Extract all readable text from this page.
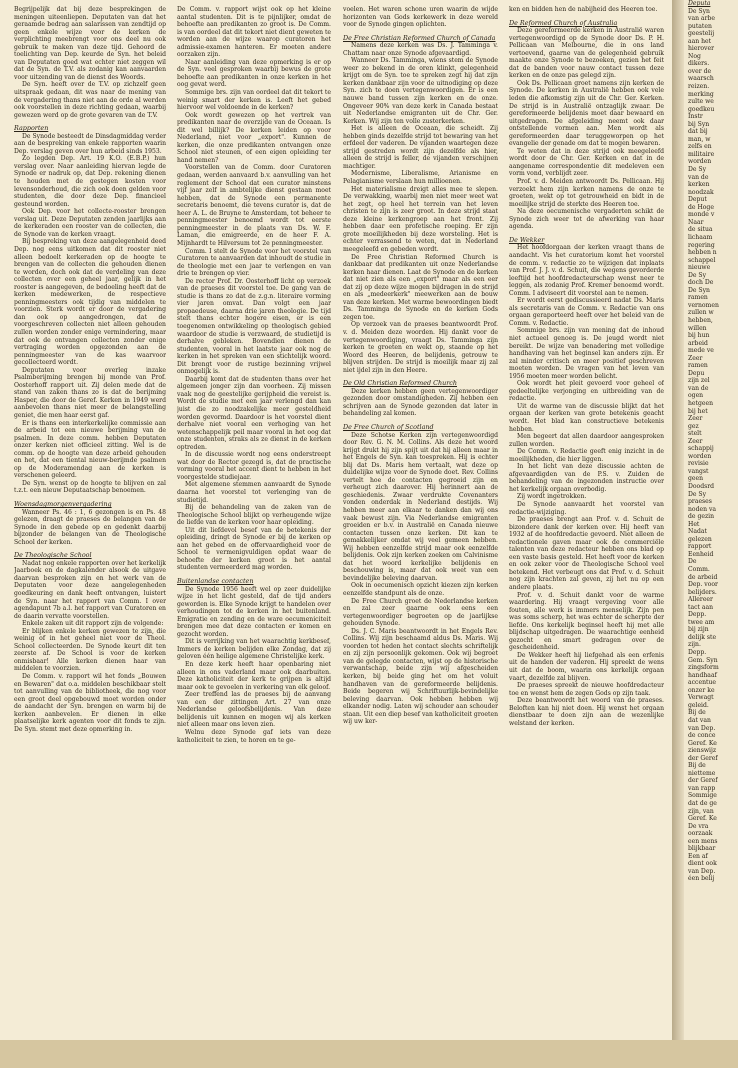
Begrijpelijk dat bij deze besprekingen de meningen uiteenliepen. Deputaten van dat het geraamde bedrag aan salarissen van zendtijd op geen enkele wijze voor de kerken de verplichting meebrengt voor ons deel nu ook gebruik te maken van deze tijd. Gehoord de toelichting van Dep. keurde de Syn. het beleid van Deputaten goed wat echter niet zeggen wil dat de Syn. de T.V. als zodanig kan aanvaarden voor uitzending van de dienst des Woords.

De Syn. heeft over de T.V. op zichzelf geen uitspraak gedaan, dit was naar de mening van de vergadering thans niet aan de orde al werden ook voorstellen in deze richting gedaan, waarbij gewezen werd op de grote gevaren van de T.V.

Rapporten

De Synode besteedt de Dinsdagmiddag verder aan de bespreking van enkele rapporten waarin Dep. verslag geven over hun arbeid sinds 1953.

Zo legden Dep. Art. 19 K.O. (E.B.P.) hun verslag over. Naar aanleiding hiervan legde de Synode er nadruk op, dat Dep. rekening dienen te houden met de gestegen kosten voor levensonderhoud, die zich ook doen gelden voor studenten, die door deze Dep. financieel gesteund worden.

Ook Dep. voor het collecte-rooster brengen verslag uit. Deze Deputaten zenden jaarlijks aan de kerkeraden een rooster van de collecten, die de Synode van de kerken vraagt.

Bij bespreking van deze aangelegenheid deed Dep. nog eens uitkomen dat dit rooster niet alleen bedoelt kerkeraden op de hoogte te brengen van de collecten die gehouden dienen te worden, doch ook dat de verdeling van deze collecten over een geheel jaar, gelijk in het rooster is aangegeven, de bedoeling heeft dat de kerken medewerken, de respectieve penningmeesters ook tijdig van middelen te voorzien. Sterk wordt er door de vergadering dan ook op aangedrongen, dat de voorgeschreven collecten niet alleen gehouden zullen worden zonder enige vermindering, maar dat ook de ontvangen collecten zonder enige vertraging worden opgezonden aan de penningmeester van de kas waarvoor gecollecteerd wordt.

Deputaten voor overleg inzake Psalmberijming brengen bij monde van Prof. Oosterhoff rapport uit. Zij delen mede dat de stand van zaken thans zo is dat de berijming Hasper, die door de Geref. Kerken in 1949 werd aanbevolen thans niet meer de belangstelling geniet, die men haar eerst gaf.

Er is thans een interkerkelijke commissie aan de arbeid tot een nieuwe berijming van de psalmen. In deze comm. hebben Deputaten onzer kerken niet officieel zitting. Wel is de comm. op de hoogte van deze arbeid gehouden en het, dat een tiental nieuw-berijmde psalmen op de Moderamendag aan de kerken is verschenen geleerd.

De Syn. wenst op de hoogte te blijven en zal t.z.t. een nieuw Deputaatschap benoemen.

Woensdagmorgenvergadering

Wanneer Ps. 46 : 1, 6 gezongen is en Ps. 48 gelezen, draagt de praeses de belangen van de Synode in den gebede op en gedenkt daarbij bijzonder de belangen van de Theologische School der kerken.

De Theologische School

Nadat nog enkele rapporten over het kerkelijk Jaarboek en de dagkalender alsook de uitgave daarvan besproken zijn en het werk van de Deputaten voor deze aangelegenheden goedkeuring en dank heeft ontvangen, luistert de Syn. naar het rapport van Comm. I over agendapunt 7b a.l. het rapport van Curatoren en de daarin vervatte voorstellen.

Enkele zaken uit dit rapport zijn de volgende:

Er blijken enkele kerken gewezen te zijn, die weinig of in het geheel niet voor de Theol. School collecteerden. De Synode keurt dit ten zeerste af. De School is voor de kerken onmisbaar! Alle kerken dienen haar van middelen te voorzien.

De Comm. v. rapport wil het fonds „Bouwen en Bewaren" dat o.a. middelen beschikbaar stelt tot aanvulling van de bibliotheek, die nog voor een groot deel opgebouwd moet worden onder de aandacht der Syn. brengen en warm bij de kerken aanbevelen. Er dienen in elke plaatselijke kerk agenten voor dit fonds te zijn. De Syn. stemt met deze opmerking in.

De Comm. v. rapport wijst ook op het kleine aantal studenten. Dit is te pijnlijker, omdat de behoefte aan predikanten zo groot is. De Comm. is van oordeel dat dit tekort niet dient geweten te worden aan de wijze waarop curatoren het admissie-examen hanteren. Er moeten andere oorzaken zijn.

Naar aanleiding van deze opmerking is er op de Syn. veel gesproken waarbij bewus de grote behoefte aan predikanten in onze kerken in het oog gevat werd.

Sommige brs. zijn van oordeel dat dit tekort te weinig smart der kerken is. Leeft het gebed hiervoor wel voldoende in de kerken?

Ook wordt gewezen op het vertrek van predikanten naar de overzijde van de Oceaan. Is dit wel billijk? De kerken leiden op voor Nederland, niet voor „export". Kunnen de kerken, die onze predikanten ontvangen onze School niet steunen, of een eigen opleiding ter hand nemen?

Voorstellen van de Comm. door Curatoren gedaan, werden aanvaard b.v. aanvulling van het reglement der School dat een curator minstens vijf jaar zelf in ambtelijke dienst gestaan moet hebben, dat de Synode een permanente secretaris benoemt, die tevens curator is, dat de heer A. L. de Bruyne te Amsterdam, tot beheer te penningmeester benoemd wordt tot eerste penningmeester in de plaats van Ds. W. F. Laman, die emigreerde, en de heer F. A. Mijnhardt te Hilversum tot 2e penningmeester.

Comm. I stelt de Synode voor het voorstel van Curatoren te aanvaarden dat inhoudt de studie in de theologie met een jaar te verlengen en van drie te brengen op vier.

De rector Prof. Dr. Oosterhoff licht op verzoek van de praeses dit voorstel toe. De gang van de studie is thans zo dat de z.g.n. literaire vorming vier jaren omvat. Dan volgt een jaar propaedeuse, daarna drie jaren theologie. De tijd stelt thans echter hogere eisen, er is een toegenomen ontwikkeling op theologisch gebied waardoor de studie is verzwaard, de studietijd is derhalve gebleken. Bovendien dienen de studenten, vooral in het laatste jaar ook nog de kerken in het spreken van een stichtelijk woord. Dit brengt voor de rustige bezinning vrijwel onmogelijk is.

Daarbij komt dat de studenten thans over het algemeen jonger zijn dan voorheen. Zij missen vaak nog de geestelijke gerijpheid die vereist is. Wordt de studie met een jaar verlengd dan kan juist die zo noodzakelijke meer gesteldheid worden gevormd. Daardoor is het voorstel dient derhalve niet vooral een verhoging van het wetenschappelijk peil maar vooral in het oog dat onze studenten, straks als ze dienst in de kerken optreden.

In de discussie wordt nog eens onderstreept wat door de Rector gezegd is, dat de practische vorming vooral het accent dient te hebben in het voorgestelde studiejaar.

Met algemene stemmen aanvaardt de Synode daarna het voorstel tot verlenging van de studietijd.

Bij de behandeling van de zaken van de Theologische School blijkt op verheugende wijze de liefde van de kerken voor haar opleiding.

Uit dit liefdevol besef van de betekenis der opleiding, dringt de Synode er bij de kerken op aan het gebed en de offervaardigheid voor de School te vermenigvuldigen opdat waar de behoefte der kerken groot is het aantal studenten vermeerderd mag worden.

Buitenlandse contacten

De Synode 1956 heeft wel op zeer duidelijke wijze in het licht gesteld, dat de tijd anders geworden is. Elke Synode krijgt te handelen over verhoudingen tot de kerken in het buitenland. Emigratie en zending en de ware oecumeniciteit brengen mee dat deze contacten er komen en gezocht worden.

Dit is verrijking van het waarachtig kerkbesef, Immers de kerken belijden elke Zondag, dat zij geloven één heilige algemene Christelijke kerk.

En deze kerk heeft haar openbaring niet alleen in ons vaderland maar ook daarbuiten. Deze katholiciteit der kerk te grijpen is altijd maar ook te gevoelen in verkering van elk geloof.

Zeer treffend las de praeses bij de aanvang van een der zittingen Art. 27 van onze Nederlandse geloofsbelijdenis. Van deze belijdenis uit kunnen en mogen wij als kerken niet alleen maar ons leven zien.

Welnu deze Synode gaf iets van deze katholiciteit te zien, te horen en te ge-

voelen. Het waren schone uren waarin de wijde horizonten van Gods kerkewerk in deze wereld voor de Synode gingen oplichten.

De Free Christian Reformed Church of Canada

Namens deze kerken was Ds. J. Tamminga v. Chattam naar onze Synode afgevaardigd.

Wanneer Ds. Tamminga, wiens stem de Synode weer zo bekend in de oren klinkt, gelegenheid krijgt om de Syn. toe te spreken zegt hij dat zijn kerken dankbaar zijn voor de uitnodiging op deze Syn. zich te doen vertegenwoordigen. Er is een nauwe band tussen zijn kerken en de onze. Ongeveer 90% van deze kerk in Canada bestaat uit Nederlandse emigranten uit de Chr. Ger. Kerken. Wij zijn ten volle zusterkerken.

Het is alleen de Oceaan, die scheidt. Zij hebben ginds dezelfde strijd tot bewaring van het erfdeel der vaderen. De vijanden waartegen deze strijd gestreden wordt zijn dezelfde als hier, alleen de strijd is feller, de vijanden verschijnen machtiger.

Modernisme, Liberalisme, Arianisme en Pelagianisme verslaan hun millioenen.

Het materialisme dreigt alles mee te slepen. De verwakking, waarbij men niet meer weet wat het zegt, op heel het terrein van het leven christen te zijn is zeer groot. In deze strijd staat deze kleine kerkengroep aan het front. Zij hebben daar een profetische roeping. Er zijn grote moeilijkheden bij deze worsteling. Het is echter verrassend te weten, dat in Nederland meegeleefd en gebeden wordt.

De Free Christian Reformed Church is dankbaar dat predikanten uit onze Nederlandse kerken haar dienen. Laat de Synode en de kerken dat niet zien als een „export" maar als een eer dat zij op deze wijze mogen bijdragen in de strijd en als „medeerkerk" meewerken aan de bouw van deze kerken. Met warme bewoordingen biedt Ds. Tamminga de Synode en de kerken Gods zegen toe.

Op verzoek van de praeses beantwoordt Prof. v. d. Meiden deze woorden. Hij dankt voor de vertegenwoordiging, vraagt Ds. Tamminga zijn kerken te groeten en wekt op, staande op het Woord des Heeren, de belijdenis, getrouw te blijven strijden. De strijd is moeilijk maar zij zal niet ijdel zijn in den Heere.

De Old Christian Reformed Church

Deze kerken hebben geen vertegenwoordiger gezonden door omstandigheden. Zij hebben een schrijven aan de Synode gezonden dat later in behandeling zal komen.

De Free Church of Scotland

Deze Schotse Kerken zijn vertegenwoordigd door Rev. G. N. M. Collins. Als deze het woord krijgt drukt hij zijn spijt uit dat hij alleen maar in het Engels de Syn. kan toespreken. Hij is echter blij dat Ds. Maris hem vertaalt, wat deze op duidelijke wijze voor de Synode doet. Rev. Collins vertelt hoe de contacten gegroeid zijn en verheugt zich daarover. Hij herinnert aan de geschiedenis. Zwaar verdrukte Covenanters vonden onderdak in Nederland destijds. Wij hebben meer aan elkaar te danken dan wij ons vaak bewust zijn. Via Nederlandse emigranten groeiden er b.v. in Australië en Canada nieuwe contacten tussen onze kerken. Dit kan te gemakkelijker omdat wij veel gemeen hebben. Wij hebben eenzelfde strijd maar ook eenzelfde belijdenis. Ook zijn kerken zoeken om Calvinisme dat het woord kerkelijke belijdenis en beschouwing is, maar dat ook weet van een bevindelijke beleving daarvan.

Ook in oecumenisch opzicht kiezen zijn kerken eenzelfde standpunt als de onze.

De Free Church groet de Nederlandse kerken en zal zeer gaarne ook eens een vertegenwoordiger begroeten op de jaarlijkse gehouden Synode.

Ds. J. C. Maris beantwoordt in het Engels Rev. Collins. Wij zijn beschaamd aldus Ds. Maris. Wij voorden tot heden het contact slechts schriftelijk en zij zijn persoonlijk gekomen. Ook wij begroet van de gelegde contacten, wijst op de historische verwantschap, beide zijn wij afgescheiden kerken, bij beide ging het om het voluit handhaven van de gereformeerde belijdenis. Beide begeren wij Schriftuurlijk-bevindelijke beleving daarvan. Ook hebben hebben wij elkander nodig. Laten wij schouder aan schouder staan. Uit een diep besef van katholiciteit groeten wij uw ker-

ken en bidden hen de nabijheid des Heeren toe.

De Reformed Church of Australia

Deze gereformeerde kerken in Australië waren vertegenwoordigd op de Synode door Ds. P. H. Pellicaan van Melbourne, die in ons land vertoevend, gaarne van de gelegenheid gebruik maakte onze Synode te bezoeken, gezien het feit dat de banden voor nauw contact tussen deze kerken en de onze pas gelegd zijn.

Ook Ds. Pellicaan groet namens zijn kerken de Synode. De kerken in Australië hebben ook vele leden die afkomstig zijn uit de Chr. Ger. Kerken. De strijd is in Australië ontzaglijk zwaar. De gereformeerde belijdenis moet daar bewaard en uitgedragen. De afgeleiding neemt ook daar ontstellende vormen aan. Men wordt als gereformeerden daar teruggeworpen op het evangelie der genade om dat te mogen bewaren.

Te weten dat in deze strijd ook meegeleefd wordt door de Chr. Ger. Kerken en dat in de aangename correspondentie dit medeleven een vorm vond, verblijdt zeer.

Prof. v. d. Meiden antwoordt Ds. Pellicaan. Hij verzoekt hem zijn kerken namens de onze te groeten, wekt op tot getrouwheid en bidt in de moeilijke strijd de sterkte des Heeren toe.

Na deze oecumenische vergaderten schikt de Synode zich weer tot de afwerking van haar agenda.

De Wekker

Het hoofdorgaan der kerken vraagt thans de aandacht. Vis het curatorium komt het voorstel de comm. v. redactie zo te wijzigen dat inplaats van Prof. J. J. v. d. Schuit, die wegens gevorderde leeftijd het hoofdredacteurschap wenst neer te leggen, als zodanig Prof. Kremer benoemd wordt. Comm. I adviseert dit voorstel aan te nemen.

Er wordt eerst gediscussieerd nadat Ds. Maris als secretaris van de Comm. v. Redactie van ons orgaan geraporteerd heeft over het beleid van de Comm. v. Redactie.

Sommige brs. zijn van mening dat de inhoud niet actueel genoeg is. De jeugd wordt niet bereikt. De wijze van benadering met volledige handhaving van het beginsel kan anders zijn. Er zal minder critisch en meer positief geschreven moeten worden. De vragen van het leven van 1956 moeten meer worden belicht.

Ook wordt het pleit gevoerd voor geheel of gedeeltelijke verjonging en uitbreiding van de redactie.

Uit de warme van de discussie blijkt dat het orgaan der kerken van grote betekenis geacht wordt. Het blad kan constructieve betekenis hebben.

Men begeert dat allen daardoor aangesproken zullen worden.

De Comm. v. Redactie geeft enig inzicht in de moeilijkheden, die hier liggen.

In het licht van deze discussie achten de afgevaardigden van de P.S. v. Zuiden de behandeling van de ingezonden instructie over het kerkelijk orgaan overbodig.

Zij wordt ingetrokken.

De Synode aanvaardt het voorstel van redactie-wijziging.

De praeses brengt aan Prof. v. d. Schuit de bizondere dank der kerken over. Hij heeft van 1932 af de hoofdredactie gevoerd. Niet alleen de redactionele gaven maar ook de commerciële talenten van deze redacteur hebben ons blad op een vaste basis gesteld. Het heeft voor de kerken en ook zeker voor de Theologische School veel betekend. Het verbeugt ons dat Prof. v. d. Schuit nog zijn krachten zal geven, zij het nu op een andere plaats.

Prof. v. d. Schuit dankt voor de warme waardering. Hij vraagt vergeving voor alle fouten, alle werk is immers menselijk. Zijn pen was soms scherp, het was echter de scherpte der liefde. Ons kerkelijk beginsel heeft hij met alle blijdschap uitgedragen. De waarachtige eenheid gezocht en smart gedragen over de gescheidenheid.

De Wekker heeft hij liefgehad als een erfenis uit de handen der vaderen. Hij spreekt de wens uit dat de boom, waarin ons kerkelijk orgaan vaart, dezelfde zal blijven.

De praeses spreekt de nieuwe hoofdredacteur toe en wenst hem de zegen Gods op zijn taak.

Deze beantwoordt het woord van de praeses. Beloften kan hij niet doen. Hij wenst het orgaan dienstbaar te doen zijn aan de wezenlijke welstand der kerken.

Deputa
De Syn
van arbe
putaten
geestelij
aan het
hierover
Nog
dikers.
over de
waarsch
reizen.
merking
zulte we
goedkeu
Instr
bij Syn
dat bij
man, w
zelfs en
militaire
worden
De Sy
van de
kerken
noodzak
Deput
de Hoge
monde v
Naar
de situa
lichaam
regering
hebben n
schappel
nieuwe
De Sy
doch De
De Syn
ramen
vernomen
zullen w
hebben,
willen
bij hun
arbeid
mede ve
Zeer
ramen
Depu
zijn zel
van de
ogen
hetgeen
bij het
Zeer
gez
stelt
Zeer
schappij
worden
revisie
vangst
geen
Doodsrd
De Sy
praeses
noden va
de gezin
Het
Nadat
gelezen
rapport
Eenheid
De
Comm.
de arbeid
Dep. voor
belijders.
Allereer
tact aan
Depp.
twee am
bij zijn
delijk ste
zijn.
Depp.
Gem. Syn
zingsform
handhaaf
accentue
onzer ke
Verwagt
geleid.
Bij de
dat van
van Dep.
de conce
Geref. Ke
zienswijz
der Geref
Bij de
nietteme
der Geref
van rapp
Sommige
dat de ge
zijn, van
Geref. Ke
De vra
oorzaak
een mens
blijkbaar
Een af
dient ook
van Dep.
éen belij
